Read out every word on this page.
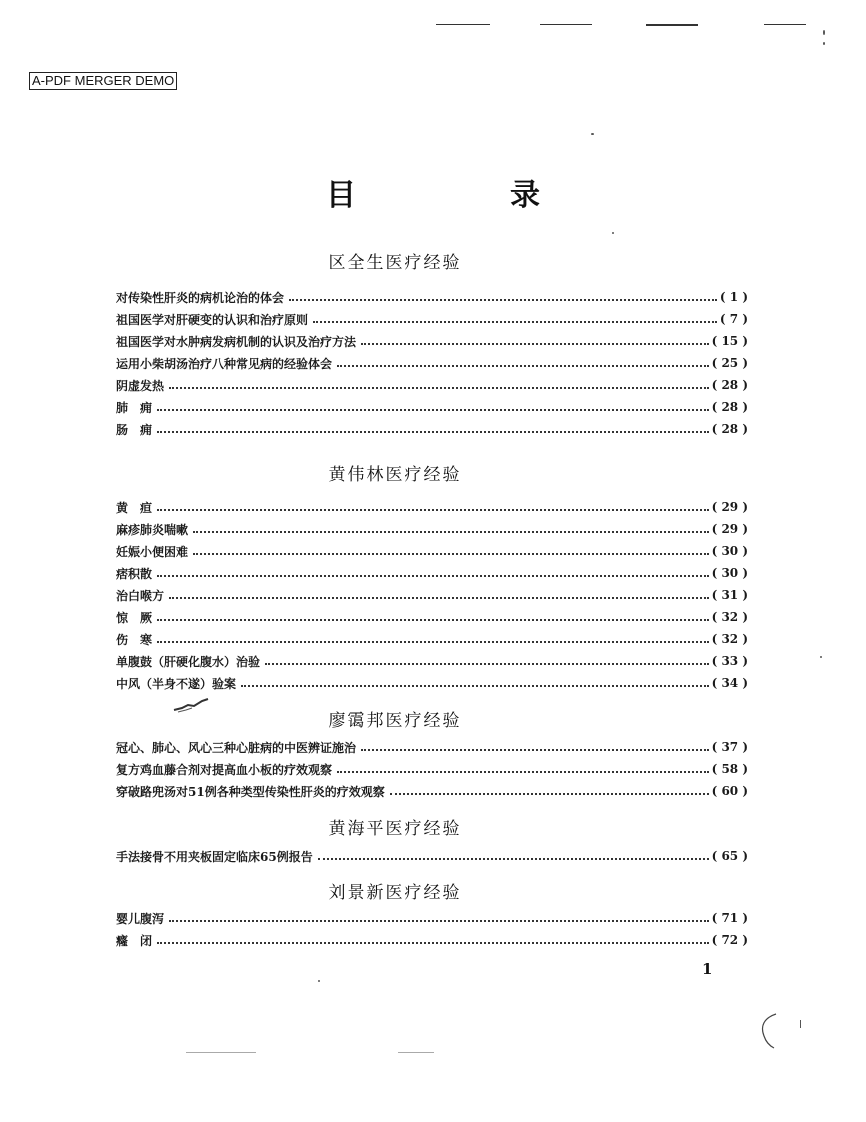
A-PDF MERGER DEMO
目　录
区全生医疗经验
对传染性肝炎的病机论治的体会	( 1 )
祖国医学对肝硬变的认识和治疗原则	( 7 )
祖国医学对水肿病发病机制的认识及治疗方法	( 15 )
运用小柴胡汤治疗八种常见病的经验体会	( 25 )
阴虚发热	( 28 )
肺　痈	( 28 )
肠　痈	( 28 )
黄伟林医疗经验
黄　疸	( 29 )
麻疹肺炎喘嗽	( 29 )
妊娠小便困难	( 30 )
痞积散	( 30 )
治白喉方	( 31 )
惊　厥	( 32 )
伤　寒	( 32 )
单腹鼓（肝硬化腹水）治验	( 33 )
中风（半身不遂）验案	( 34 )
廖霭邦医疗经验
冠心、肺心、风心三种心脏病的中医辨证施治	( 37 )
复方鸡血藤合剂对提高血小板的疗效观察	( 58 )
穿破路兜汤对51例各种类型传染性肝炎的疗效观察	( 60 )
黄海平医疗经验
手法接骨不用夹板固定临床65例报告	( 65 )
刘景新医疗经验
婴儿腹泻	( 71 )
癃　闭	( 72 )
1
